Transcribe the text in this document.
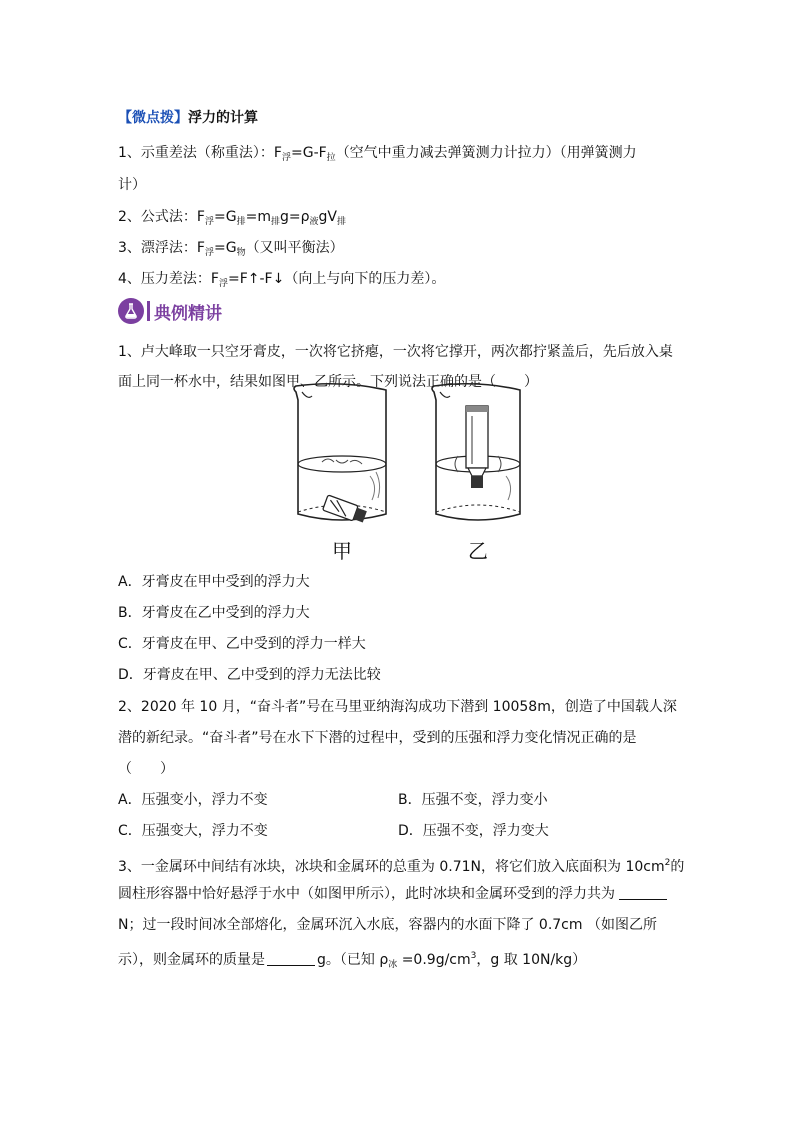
【微点拨】浮力的计算
1、示重差法（称重法）：$F_浮=G-F_拉$（空气中重力减去弹簧测力计拉力）（用弹簧测力
计）
2、公式法：$F_浮=G_排=m_排g=\rho_液gV_排$
3、漂浮法：$F_浮=G_物$（又叫平衡法）
4、压力差法：$F_浮=F↑-F↓$（向上与向下的压力差）。
典例精讲
1、卢大峰取一只空牙膏皮，一次将它挤瘪，一次将它撑开，两次都拧紧盖后，先后放入桌
面上同一杯水中，结果如图甲、乙所示。下列说法正确的是（　　）
甲	乙
A．牙膏皮在甲中受到的浮力大
B．牙膏皮在乙中受到的浮力大
C．牙膏皮在甲、乙中受到的浮力一样大
D．牙膏皮在甲、乙中受到的浮力无法比较
2、2020 年 10 月，“奋斗者”号在马里亚纳海沟成功下潜到 10058m，创造了中国载人深
潜的新纪录。“奋斗者”号在水下下潜的过程中，受到的压强和浮力变化情况正确的是
（　　）
A．压强变小，浮力不变	B．压强不变，浮力变小
C．压强变大，浮力不变	D．压强不变，浮力变大
3、一金属环中间结有冰块，冰块和金属环的总重为 0.71N，将它们放入底面积为 $10cm^2$的
圆柱形容器中恰好悬浮于水中（如图甲所示），此时冰块和金属环受到的浮力共为
N；过一段时间冰全部熔化，金属环沉入水底，容器内的水面下降了 0.7cm （如图乙所
示），则金属环的质量是	g。（已知 $\rho_冰 =0.9g/cm^3$，g 取 10N/kg）
